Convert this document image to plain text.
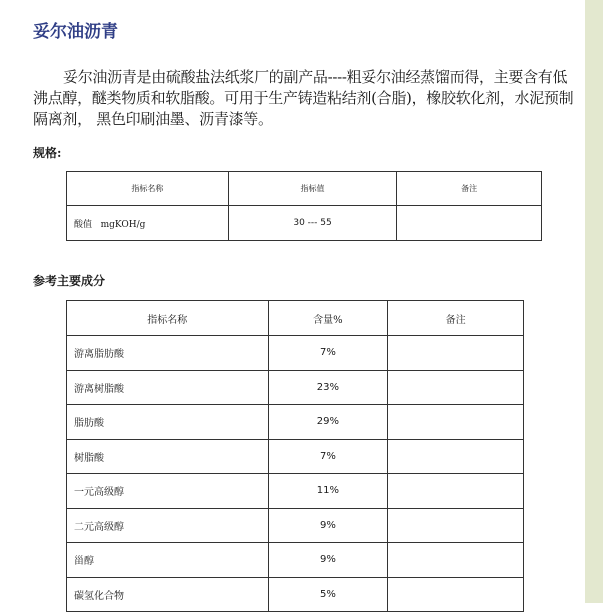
妥尔油沥青

妥尔油沥青是由硫酸盐法纸浆厂的副产品----粗妥尔油经蒸馏而得，主要含有低沸点醇，醚类物质和软脂酸。可用于生产铸造粘结剂(合脂)，橡胶软化剂，水泥预制隔离剂， 黑色印刷油墨、沥青漆等。

规格:

指标名称	指标值	备注
酸值   mgKOH/g	30 --- 55	

参考主要成分

指标名称	含量%	备注
游离脂肪酸	7%	
游离树脂酸	23%	
脂肪酸	29%	
树脂酸	7%	
一元高级醇	11%	
二元高级醇	9%	
甾醇	9%	
碳氢化合物	5%	
